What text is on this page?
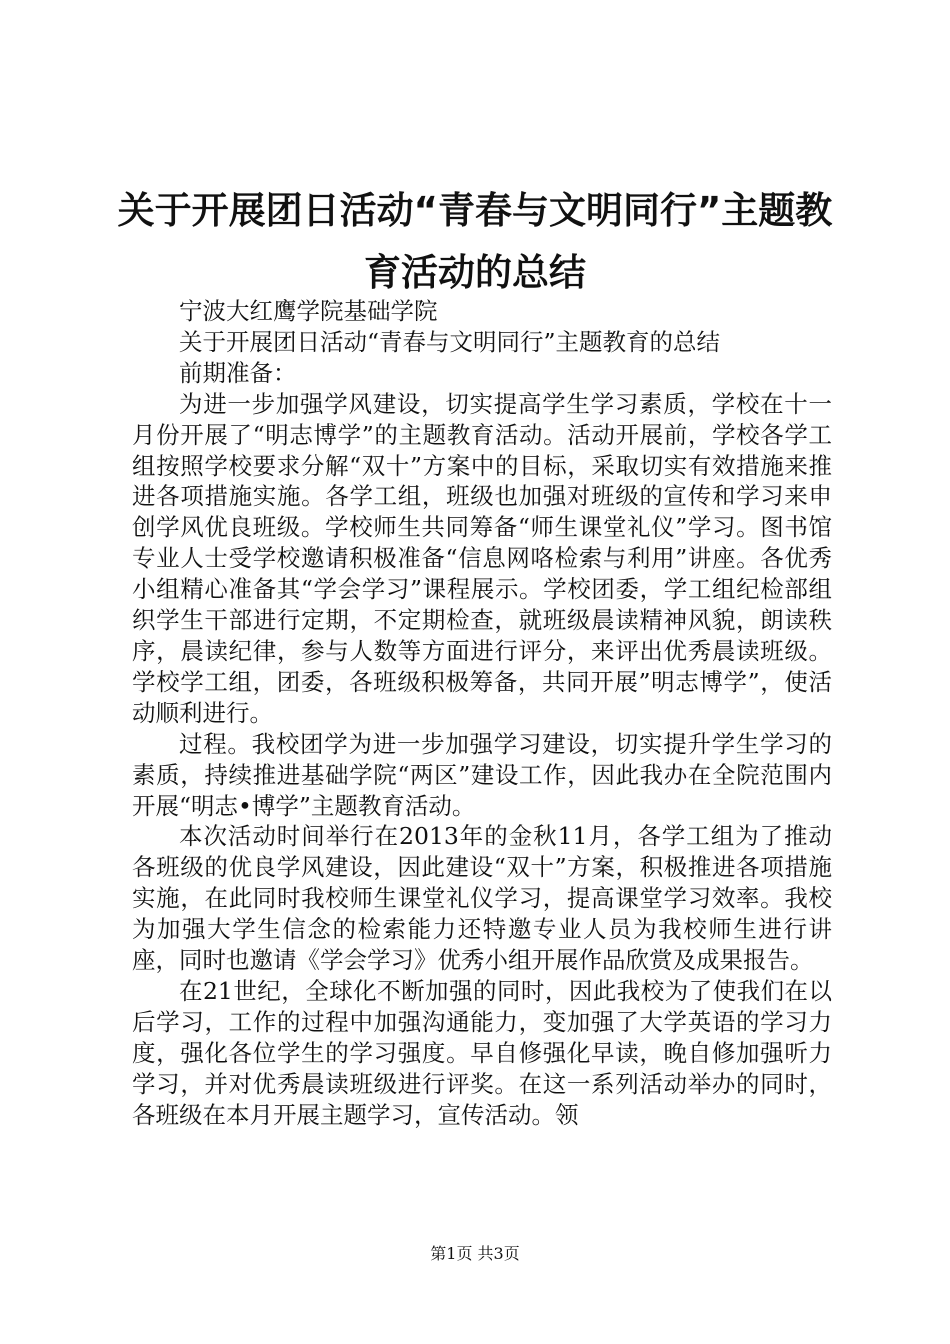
关于开展团日活动“青春与文明同行”主题教育活动的总结

宁波大红鹰学院基础学院

关于开展团日活动“青春与文明同行”主题教育的总结

前期准备：

为进一步加强学风建设，切实提高学生学习素质，学校在十一月份开展了“明志博学”的主题教育活动。活动开展前，学校各学工组按照学校要求分解“双十”方案中的目标，采取切实有效措施来推进各项措施实施。各学工组，班级也加强对班级的宣传和学习来申创学风优良班级。学校师生共同筹备“师生课堂礼仪”学习。图书馆专业人士受学校邀请积极准备“信息网咯检索与利用”讲座。各优秀小组精心准备其“学会学习”课程展示。学校团委，学工组纪检部组织学生干部进行定期，不定期检查，就班级晨读精神风貌，朗读秩序，晨读纪律，参与人数等方面进行评分，来评出优秀晨读班级。学校学工组，团委，各班级积极筹备，共同开展”明志博学”，使活动顺利进行。

过程。我校团学为进一步加强学习建设，切实提升学生学习的素质，持续推进基础学院“两区”建设工作，因此我办在全院范围内开展“明志•博学”主题教育活动。

本次活动时间举行在2013年的金秋11月，各学工组为了推动各班级的优良学风建设，因此建设“双十”方案，积极推进各项措施实施，在此同时我校师生课堂礼仪学习，提高课堂学习效率。我校为加强大学生信念的检索能力还特邀专业人员为我校师生进行讲座，同时也邀请《学会学习》优秀小组开展作品欣赏及成果报告。

在21世纪，全球化不断加强的同时，因此我校为了使我们在以后学习，工作的过程中加强沟通能力，变加强了大学英语的学习力度，强化各位学生的学习强度。早自修强化早读，晚自修加强听力学习，并对优秀晨读班级进行评奖。在这一系列活动举办的同时，各班级在本月开展主题学习，宣传活动。领

第1页 共3页
